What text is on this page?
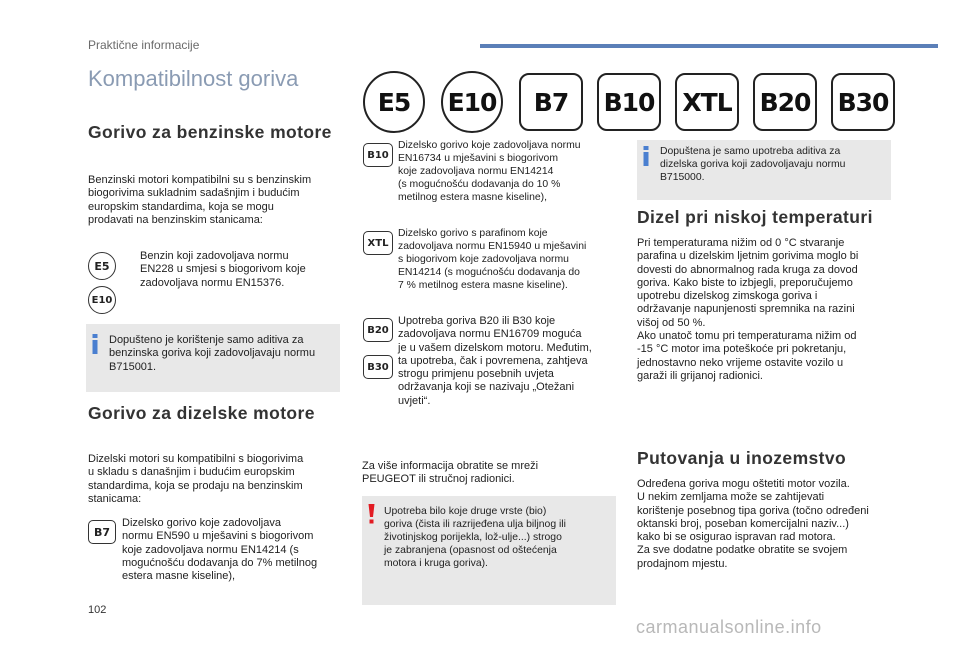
Praktične informacije
Kompatibilnost goriva
E5	E10	B7	B10 XTL B20 B30
Gorivo za benzinske motore
Benzinski motori kompatibilni su s benzinskim
biogorivima sukladnim sadašnjim i budućim
europskim standardima, koja se mogu
prodavati na benzinskim stanicama:
E5
E10
Benzin koji zadovoljava normu
EN228 u smjesi s biogorivom koje
zadovoljava normu EN15376.
Dopušteno je korištenje samo aditiva za
benzinska goriva koji zadovoljavaju normu
B715001.
Gorivo za dizelske motore
Dizelski motori su kompatibilni s biogorivima
u skladu s današnjim i budućim europskim
standardima, koja se prodaju na benzinskim
stanicama:
B7
Dizelsko gorivo koje zadovoljava
normu EN590 u mješavini s biogorivom
koje zadovoljava normu EN14214 (s
mogućnošću dodavanja do 7% metilnog
estera masne kiseline),
B10
Dizelsko gorivo koje zadovoljava normu
EN16734 u mješavini s biogorivom
koje zadovoljava normu EN14214
(s mogućnošću dodavanja do 10 %
metilnog estera masne kiseline),
XTL
Dizelsko gorivo s parafinom koje
zadovoljava normu EN15940 u mješavini
s biogorivom koje zadovoljava normu
EN14214 (s mogućnošću dodavanja do
7 % metilnog estera masne kiseline).
B20
B30
Upotreba goriva B20 ili B30 koje
zadovoljava normu EN16709 moguća
je u vašem dizelskom motoru. Međutim,
ta upotreba, čak i povremena, zahtjeva
strogu primjenu posebnih uvjeta
održavanja koji se nazivaju „Otežani
uvjeti“.
Za više informacija obratite se mreži
PEUGEOT ili stručnoj radionici.
Upotreba bilo koje druge vrste (bio)
goriva (čista ili razrijeđena ulja biljnog ili
životinjskog porijekla, lož-ulje...) strogo
je zabranjena (opasnost od oštećenja
motora i kruga goriva).
Dopuštena je samo upotreba aditiva za
dizelska goriva koji zadovoljavaju normu
B715000.
Dizel pri niskoj temperaturi
Pri temperaturama nižim od 0 °C stvaranje
parafina u dizelskim ljetnim gorivima moglo bi
dovesti do abnormalnog rada kruga za dovod
goriva. Kako biste to izbjegli, preporučujemo
upotrebu dizelskog zimskoga goriva i
održavanje napunjenosti spremnika na razini
višoj od 50 %.
Ako unatoč tomu pri temperaturama nižim od
-15 °C motor ima poteškoće pri pokretanju,
jednostavno neko vrijeme ostavite vozilo u
garaži ili grijanoj radionici.
Putovanja u inozemstvo
Određena goriva mogu oštetiti motor vozila.
U nekim zemljama može se zahtijevati
korištenje posebnog tipa goriva (točno određeni
oktanski broj, poseban komercijalni naziv...)
kako bi se osigurao ispravan rad motora.
Za sve dodatne podatke obratite se svojem
prodajnom mjestu.
102
carmanualsonline.info
